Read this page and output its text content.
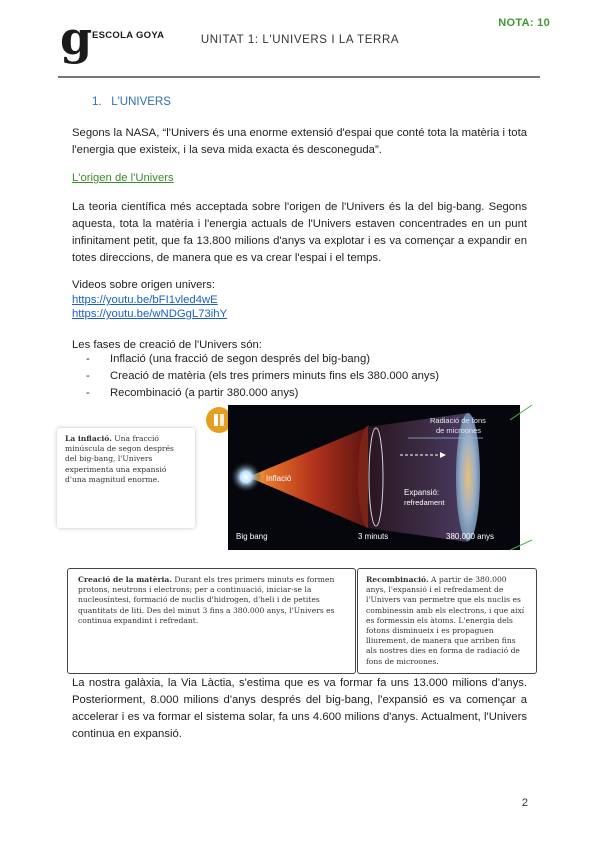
g ESCOLA GOYA	UNITAT 1: L'UNIVERS I LA TERRA
NOTA: 10
1. L'UNIVERS
Segons la NASA, “l'Univers és una enorme extensió d'espai que conté tota la matèria i tota l'energia que existeix, i la seva mida exacta és desconeguda”.
L'origen de l'Univers
La teoria científica més acceptada sobre l'origen de l'Univers és la del big-bang. Segons aquesta, tota la matèria i l'energia actuals de l'Univers estaven concentrades en un punt infinitament petit, que fa 13.800 milions d'anys va explotar i es va començar a expandir en totes direccions, de manera que es va crear l'espai i el temps.
Videos sobre origen univers:
https://youtu.be/bFI1vled4wE
https://youtu.be/wNDGgL73ihY
Les fases de creació de l'Univers són:
- Inflació (una fracció de segon després del big-bang)
- Creació de matèria (els tres primers minuts fins els 380.000 anys)
- Recombinació (a partir 380.000 anys)
Inflació
Expansió:
refredament
Radiació de fons
de microones
Big bang	3 minuts	380.000 anys
La inflació. Una fracció minúscula de segon després del big-bang, l'Univers experimenta una expansió d'una magnitud enorme.
Creació de la matèria. Durant els tres primers minuts es formen protons, neutrons i electrons; per a continuació, iniciar-se la nucleosíntesi, formació de nuclis d'hidrogen, d'heli i de petites quantitats de liti. Des del minut 3 fins a 380.000 anys, l'Univers es continua expandint i refredant.
Recombinació. A partir de 380.000 anys, l'expansió i el refredament de l'Univers van permetre que els nuclis es combinessin amb els electrons, i que així es formessin els àtoms. L'energia dels fotons disminueix i es propaguen lliurement, de manera que arriben fins als nostres dies en forma de radiació de fons de microones.
La nostra galàxia, la Via Làctia, s'estima que es va formar fa uns 13.000 milions d'anys. Posteriorment, 8.000 milions d'anys després del big-bang, l'expansió es va començar a accelerar i es va formar el sistema solar, fa uns 4.600 milions d'anys. Actualment, l'Univers continua en expansió.
2
